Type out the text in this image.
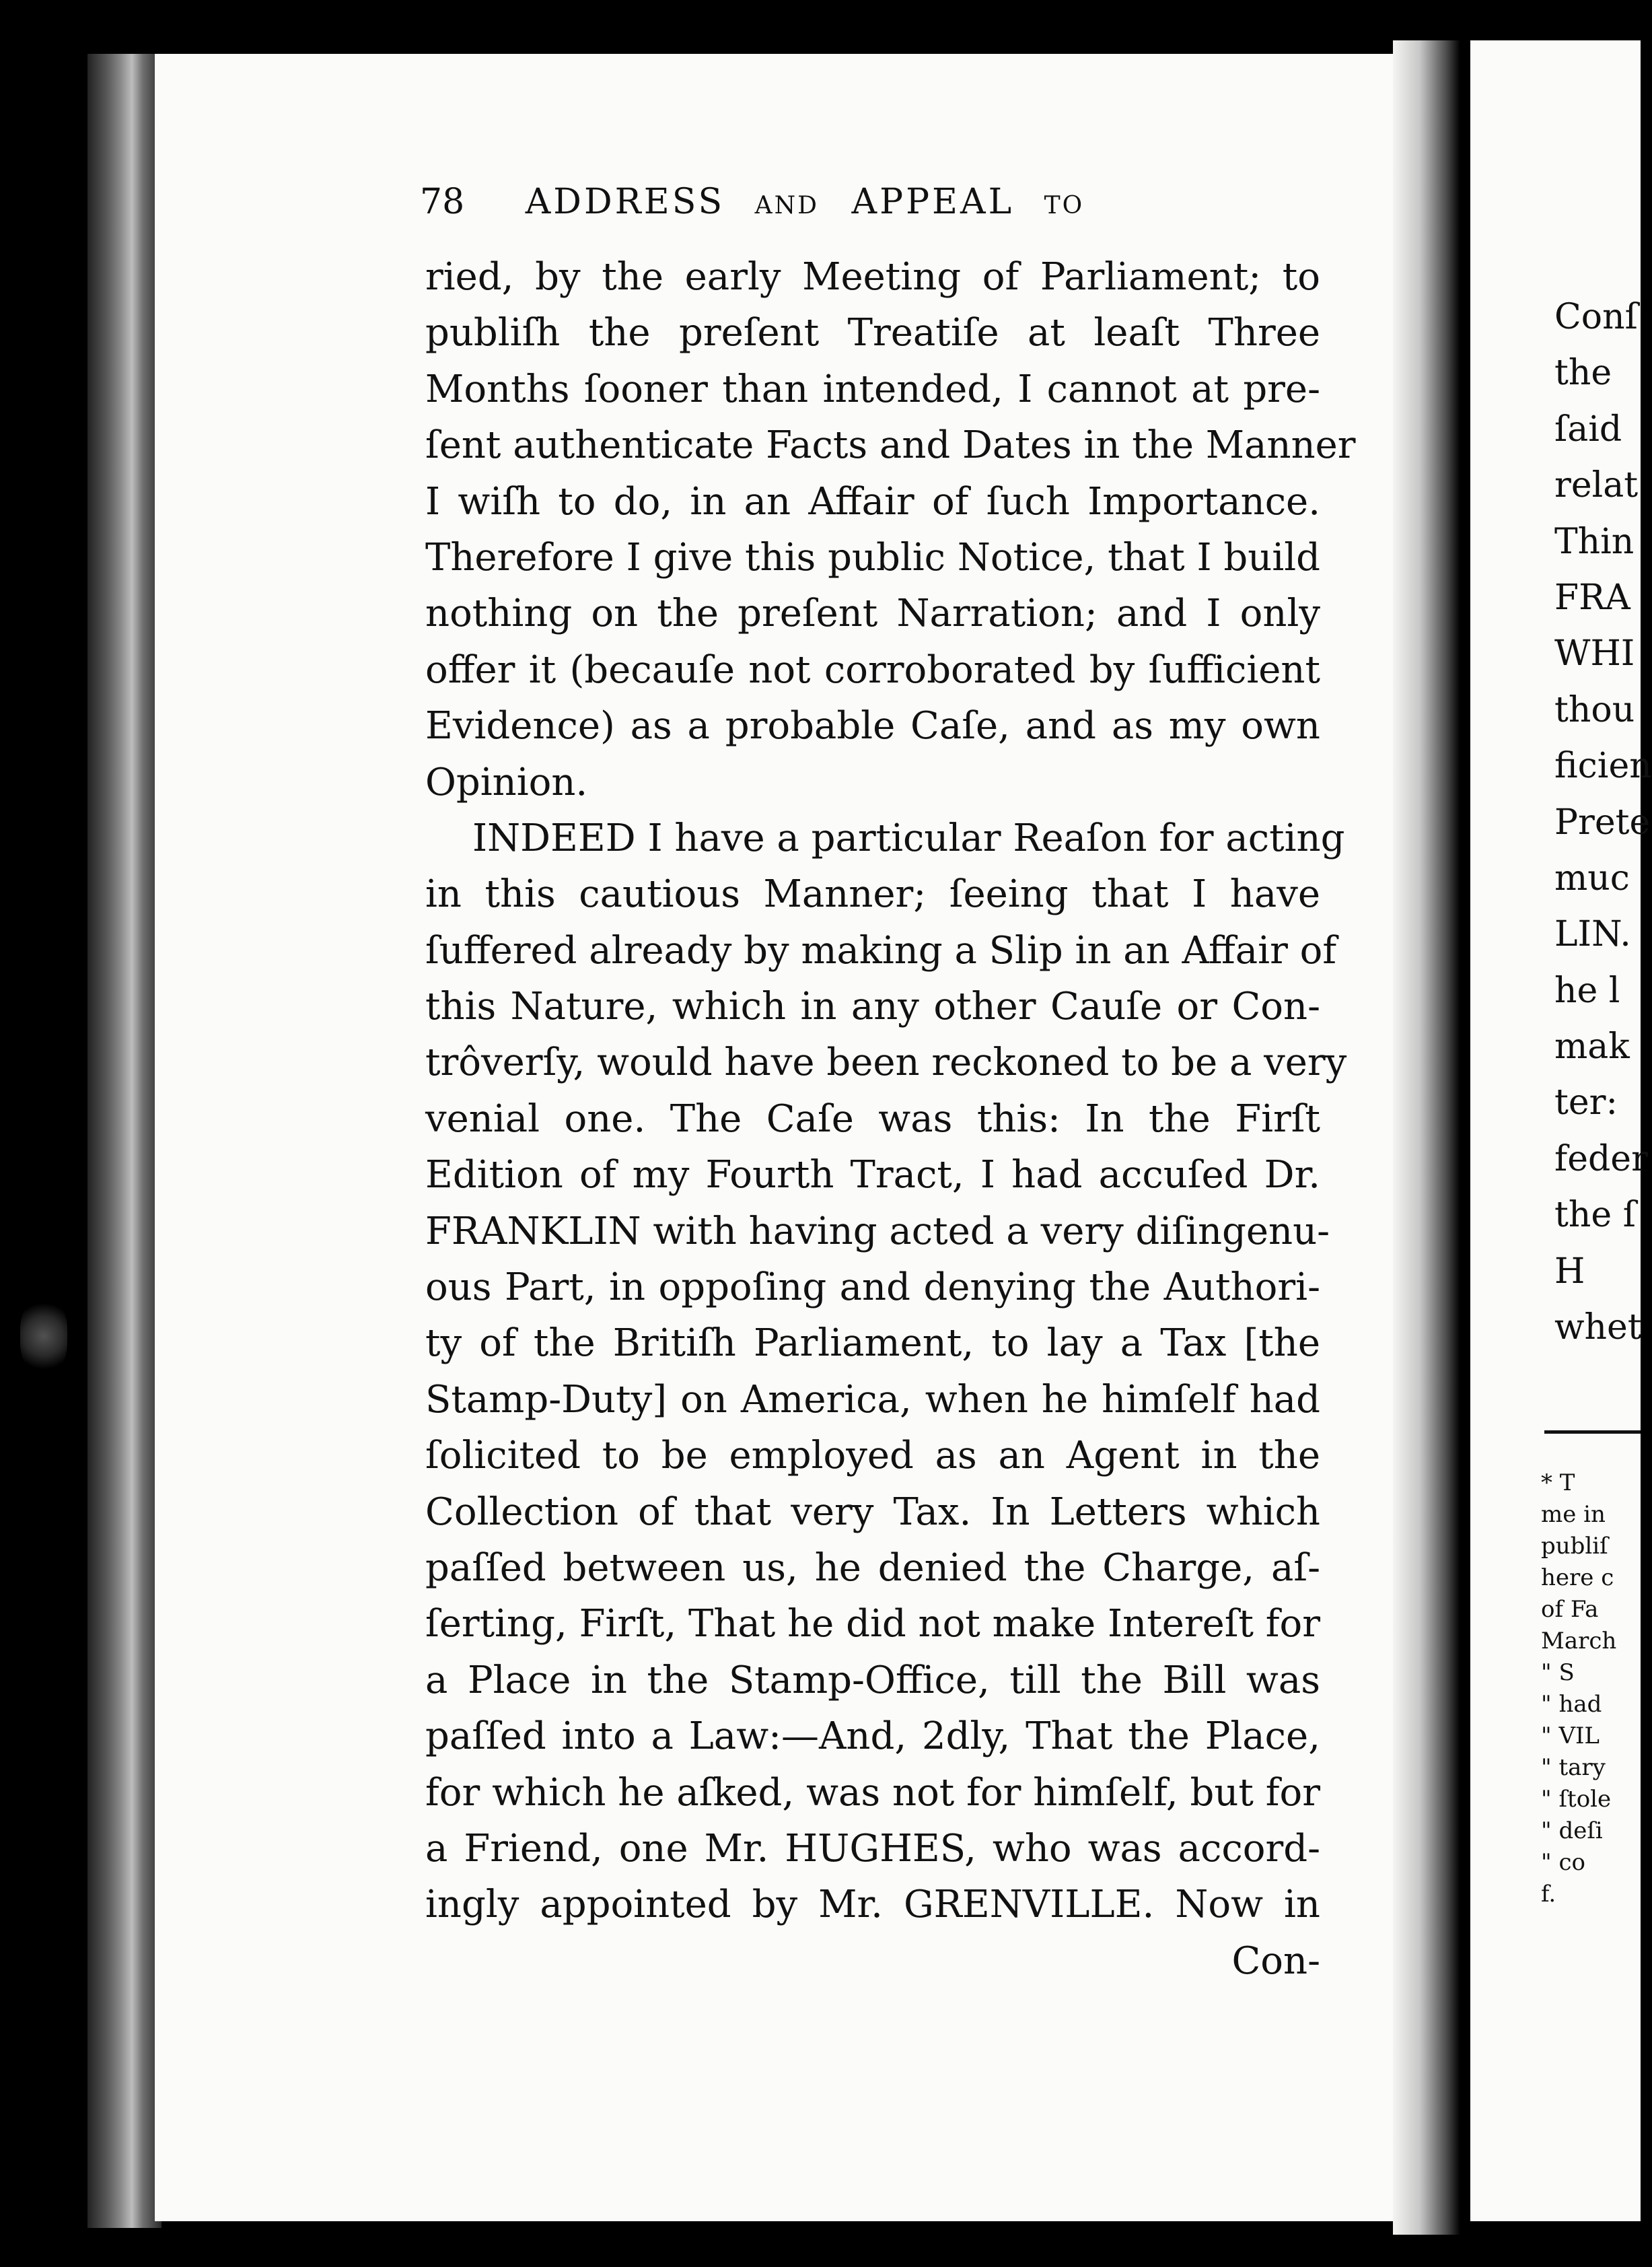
78 ADDRESS AND APPEAL TO
ried, by the early Meeting of Parliament; to
publiſh the preſent Treatiſe at leaſt Three
Months ſooner than intended, I cannot at pre-
ſent authenticate Facts and Dates in the Manner
I wiſh to do, in an Affair of ſuch Importance.
Therefore I give this public Notice, that I build
nothing on the preſent Narration; and I only
offer it (becauſe not corroborated by ſufficient
Evidence) as a probable Caſe, and as my own
Opinion.
INDEED I have a particular Reaſon for acting
in this cautious Manner; ſeeing that I have
ſuffered already by making a Slip in an Affair of
this Nature, which in any other Cauſe or Con-
trôverſy, would have been reckoned to be a very
venial one. The Caſe was this: In the Firſt
Edition of my Fourth Tract, I had accuſed Dr.
FRANKLIN with having acted a very diſingenu-
ous Part, in oppoſing and denying the Authori-
ty of the Britiſh Parliament, to lay a Tax [the
Stamp-Duty] on America, when he himſelf had
ſolicited to be employed as an Agent in the
Collection of that very Tax. In Letters which
paſſed between us, he denied the Charge, aſ-
ſerting, Firſt, That he did not make Intereſt for
a Place in the Stamp-Office, till the Bill was
paſſed into a Law:—And, 2dly, That the Place,
for which he aſked, was not for himſelf, but for
a Friend, one Mr. HUGHES, who was accord-
ingly appointed by Mr. GRENVILLE. Now in
Con-
Conſ
the
ſaid
relat
Thin
FRA
WHI
thou
ficien
Prete
muc
LIN.
he l
mak
ter:
feder
the ſ
H
whet
* T
me in
publiſ
here c
of Fa
March
" S
" had
" VIL
" tary
" ſtole
" deſi
" co
f.
